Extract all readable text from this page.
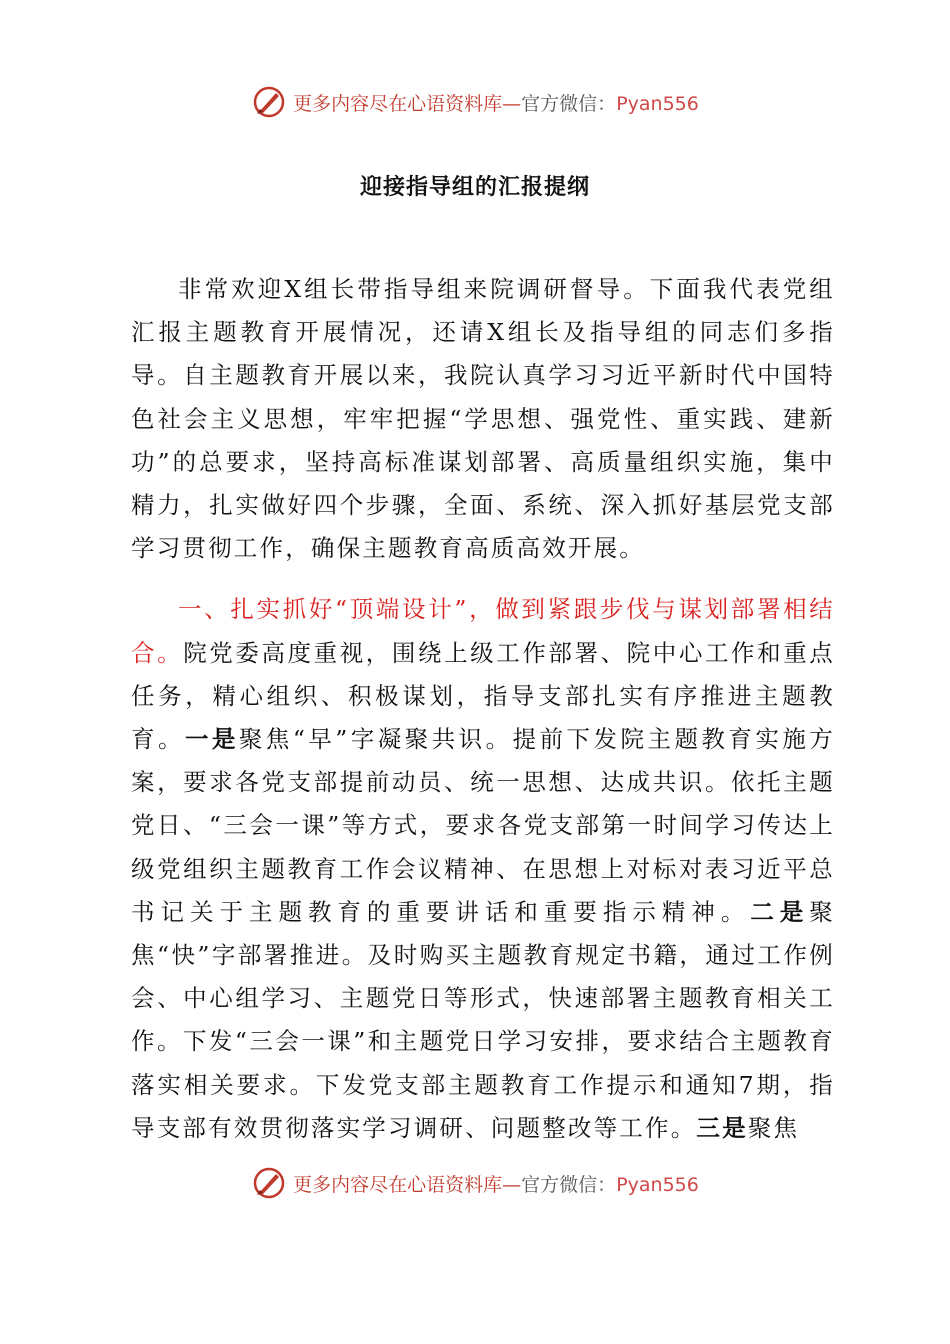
更多内容尽在心语资料库—官方微信：Pyan556
迎接指导组的汇报提纲

非常欢迎X组长带指导组来院调研督导。下面我代表党组汇报主题教育开展情况，还请X组长及指导组的同志们多指导。自主题教育开展以来，我院认真学习习近平新时代中国特色社会主义思想，牢牢把握“学思想、强党性、重实践、建新功”的总要求，坚持高标准谋划部署、高质量组织实施，集中精力，扎实做好四个步骤，全面、系统、深入抓好基层党支部学习贯彻工作，确保主题教育高质高效开展。

一、扎实抓好“顶端设计”，做到紧跟步伐与谋划部署相结合。院党委高度重视，围绕上级工作部署、院中心工作和重点任务，精心组织、积极谋划，指导支部扎实有序推进主题教育。一是聚焦“早”字凝聚共识。提前下发院主题教育实施方案，要求各党支部提前动员、统一思想、达成共识。依托主题党日、“三会一课”等方式，要求各党支部第一时间学习传达上级党组织主题教育工作会议精神、在思想上对标对表习近平总书记关于主题教育的重要讲话和重要指示精神。二是聚焦“快”字部署推进。及时购买主题教育规定书籍，通过工作例会、中心组学习、主题党日等形式，快速部署主题教育相关工作。下发“三会一课”和主题党日学习安排，要求结合主题教育落实相关要求。下发党支部主题教育工作提示和通知7期，指导支部有效贯彻落实学习调研、问题整改等工作。三是聚焦

更多内容尽在心语资料库—官方微信：Pyan556
